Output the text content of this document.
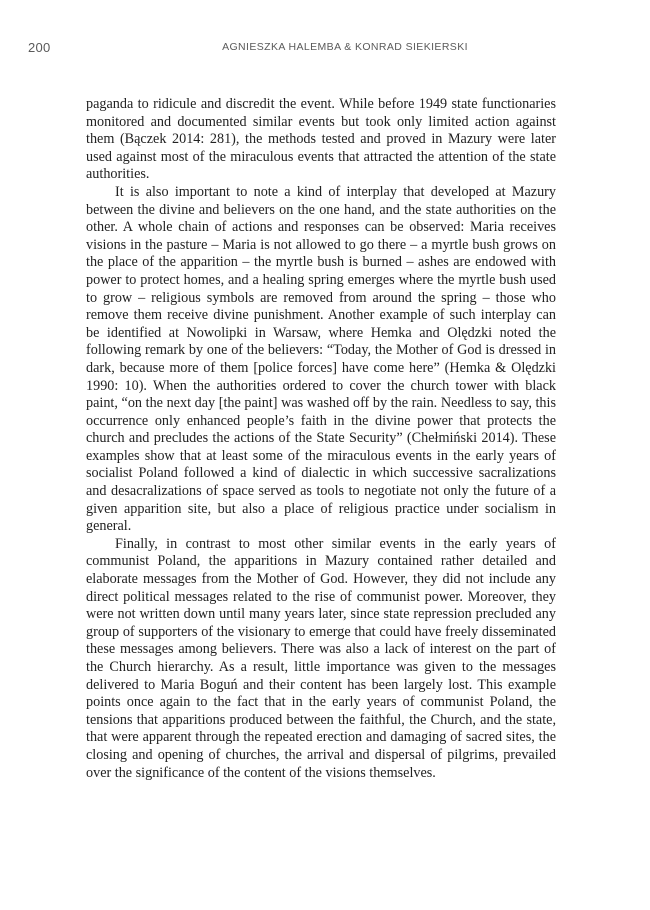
200	AGNIESZKA HALEMBA & KONRAD SIEKIERSKI

paganda to ridicule and discredit the event. While before 1949 state functionaries monitored and documented similar events but took only limited action against them (Bączek 2014: 281), the methods tested and proved in Mazury were later used against most of the miraculous events that attracted the attention of the state authorities.

It is also important to note a kind of interplay that developed at Mazury between the divine and believers on the one hand, and the state authorities on the other. A whole chain of actions and responses can be observed: Maria receives visions in the pasture – Maria is not allowed to go there – a myrtle bush grows on the place of the apparition – the myrtle bush is burned – ashes are endowed with power to protect homes, and a healing spring emerges where the myrtle bush used to grow – religious symbols are removed from around the spring – those who remove them receive divine punishment. Another example of such interplay can be identified at Nowolipki in Warsaw, where Hemka and Olędzki noted the following remark by one of the believers: “Today, the Mother of God is dressed in dark, because more of them [police forces] have come here” (Hemka & Olędzki 1990: 10). When the authorities ordered to cover the church tower with black paint, “on the next day [the paint] was washed off by the rain. Needless to say, this occurrence only enhanced people’s faith in the divine power that protects the church and precludes the actions of the State Security” (Chełmiński 2014). These examples show that at least some of the miraculous events in the early years of socialist Poland followed a kind of dialectic in which successive sacralizations and desacralizations of space served as tools to negotiate not only the future of a given apparition site, but also a place of religious practice under socialism in general.

Finally, in contrast to most other similar events in the early years of communist Poland, the apparitions in Mazury contained rather detailed and elaborate messages from the Mother of God. However, they did not include any direct political messages related to the rise of communist power. Moreover, they were not written down until many years later, since state repression precluded any group of supporters of the visionary to emerge that could have freely disseminated these messages among believers. There was also a lack of interest on the part of the Church hierarchy. As a result, little importance was given to the messages delivered to Maria Boguń and their content has been largely lost. This example points once again to the fact that in the early years of communist Poland, the tensions that apparitions produced between the faithful, the Church, and the state, that were apparent through the repeated erection and damaging of sacred sites, the closing and opening of churches, the arrival and dispersal of pilgrims, prevailed over the significance of the content of the visions themselves.
